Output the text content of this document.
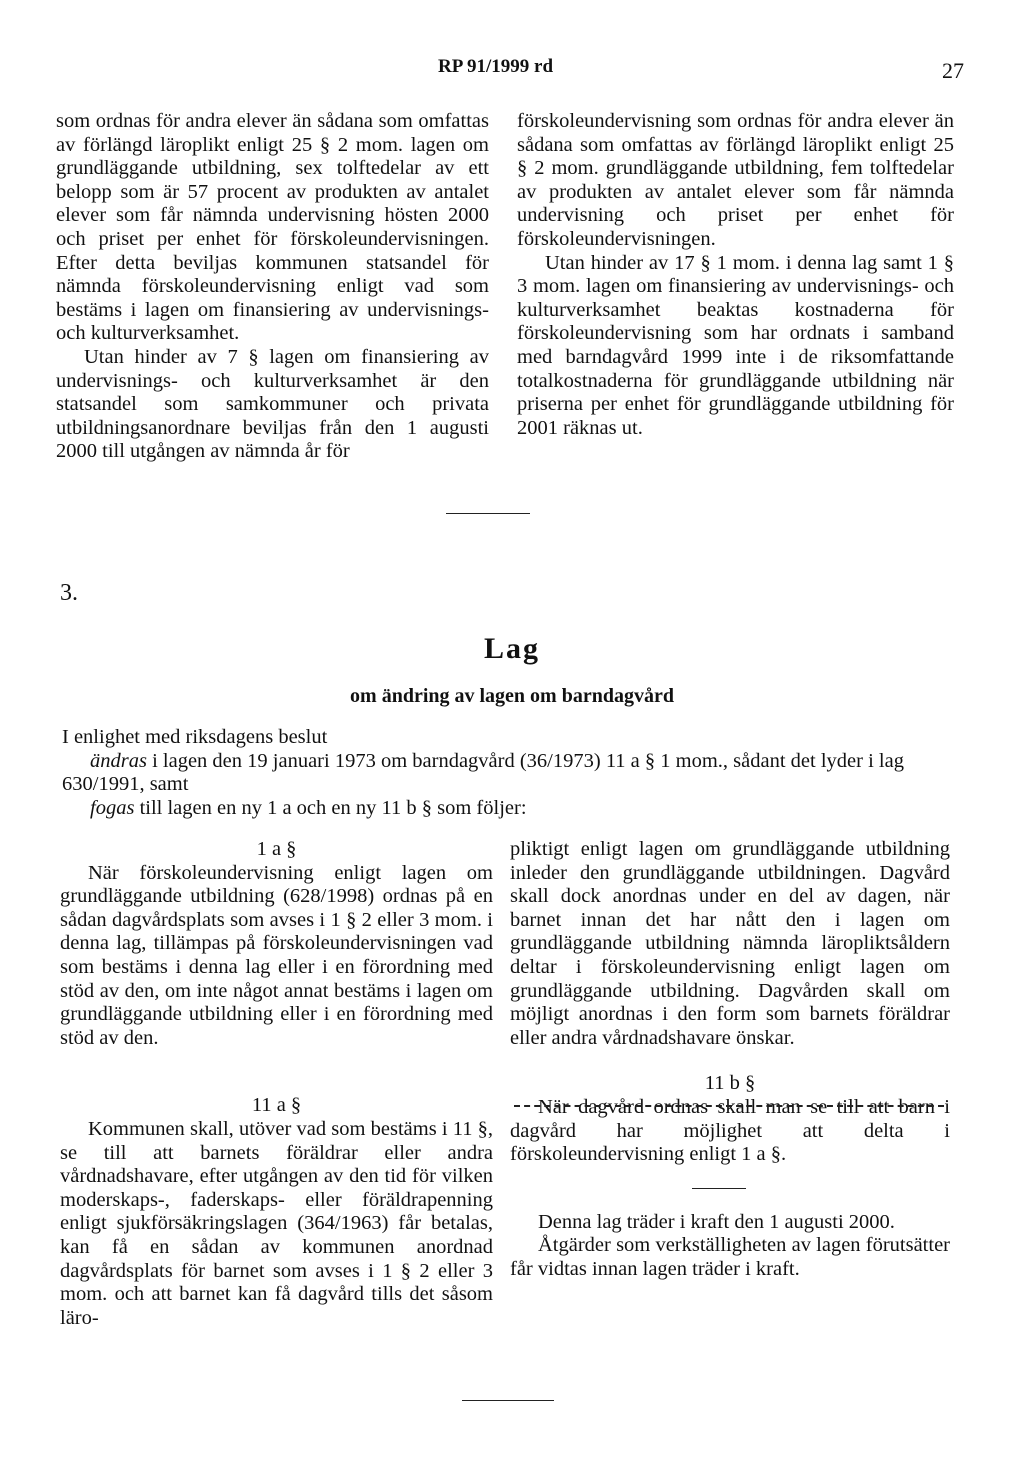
RP 91/1999 rd	27

som ordnas för andra elever än sådana som omfattas av förlängd läroplikt enligt 25 § 2 mom. lagen om grundläggande utbildning, sex tolftedelar av ett belopp som är 57 procent av produkten av antalet elever som får nämnda undervisning hösten 2000 och priset per enhet för förskoleundervisningen. Efter detta beviljas kommunen statsandel för nämnda förskoleundervisning enligt vad som bestäms i lagen om finansiering av undervisnings- och kulturverksamhet.

Utan hinder av 7 § lagen om finansiering av undervisnings- och kulturverksamhet är den statsandel som samkommuner och privata utbildningsanordnare beviljas från den 1 augusti 2000 till utgången av nämnda år för

förskoleundervisning som ordnas för andra elever än sådana som omfattas av förlängd läroplikt enligt 25 § 2 mom. grundläggande utbildning, fem tolftedelar av produkten av antalet elever som får nämnda undervisning och priset per enhet för förskoleundervisningen.

Utan hinder av 17 § 1 mom. i denna lag samt 1 § 3 mom. lagen om finansiering av undervisnings- och kulturverksamhet beaktas kostnaderna för förskoleundervisning som har ordnats i samband med barndagvård 1999 inte i de riksomfattande totalkostnaderna för grundläggande utbildning när priserna per enhet för grundläggande utbildning för 2001 räknas ut.

3.
Lag
om ändring av lagen om barndagvård

I enlighet med riksdagens beslut

ändras i lagen den 19 januari 1973 om barndagvård (36/1973) 11 a § 1 mom., sådant det lyder i lag 630/1991, samt

fogas till lagen en ny 1 a och en ny 11 b § som följer:

1 a §

När förskoleundervisning enligt lagen om grundläggande utbildning (628/1998) ordnas på en sådan dagvårdsplats som avses i 1 § 2 eller 3 mom. i denna lag, tillämpas på förskoleundervisningen vad som bestäms i denna lag eller i en förordning med stöd av den, om inte något annat bestäms i lagen om grundläggande utbildning eller i en förordning med stöd av den.

11 a §

Kommunen skall, utöver vad som bestäms i 11 §, se till att barnets föräldrar eller andra vårdnadshavare, efter utgången av den tid för vilken moderskaps-, faderskaps- eller föräldrapenning enligt sjukförsäkringslagen (364/1963) får betalas, kan få en sådan av kommunen anordnad dagvårdsplats för barnet som avses i 1 § 2 eller 3 mom. och att barnet kan få dagvård tills det såsom läro-

pliktigt enligt lagen om grundläggande utbildning inleder den grundläggande utbildningen. Dagvård skall dock anordnas under en del av dagen, när barnet innan det har nått den i lagen om grundläggande utbildning nämnda läropliktsåldern deltar i förskoleundervisning enligt lagen om grundläggande utbildning. Dagvården skall om möjligt anordnas i den form som barnets föräldrar eller andra vårdnadshavare önskar.

11 b §

När dagvård ordnas skall man se till att barn i dagvård har möjlighet att delta i förskoleundervisning enligt 1 a §.

Denna lag träder i kraft den 1 augusti 2000.

Åtgärder som verkställigheten av lagen förutsätter får vidtas innan lagen träder i kraft.
